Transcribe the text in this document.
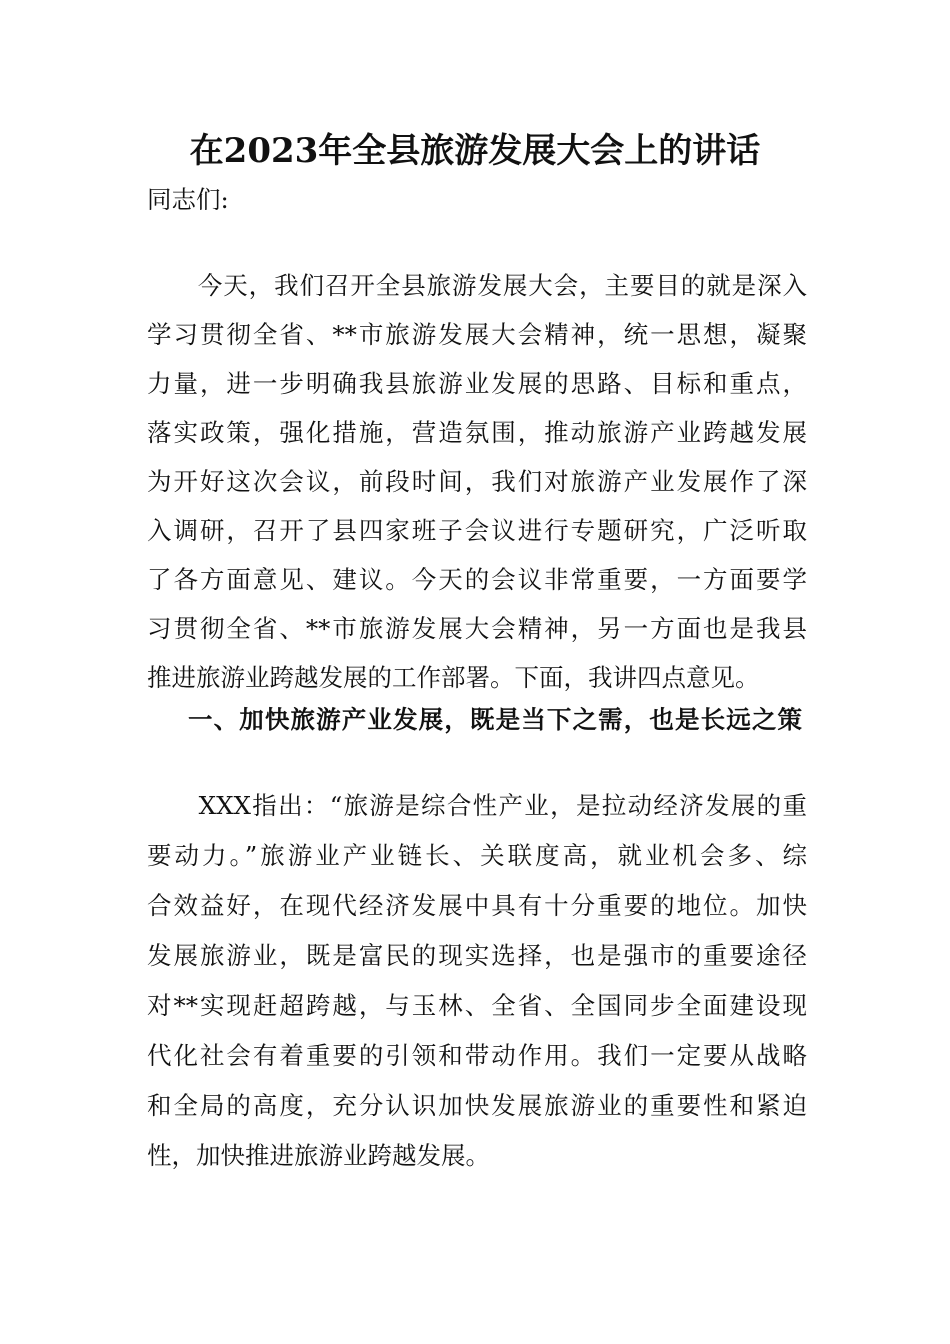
在2023年全县旅游发展大会上的讲话
同志们:
　　今天，我们召开全县旅游发展大会，主要目的就是深入
学习贯彻全省、**市旅游发展大会精神，统一思想，凝聚
力量，进一步明确我县旅游业发展的思路、目标和重点，
落实政策，强化措施，营造氛围，推动旅游产业跨越发展
为开好这次会议，前段时间，我们对旅游产业发展作了深
入调研，召开了县四家班子会议进行专题研究，广泛听取
了各方面意见、建议。今天的会议非常重要，一方面要学
习贯彻全省、**市旅游发展大会精神，另一方面也是我县
推进旅游业跨越发展的工作部署。下面，我讲四点意见。
一、加快旅游产业发展，既是当下之需，也是长远之策
　　XXX指出：“旅游是综合性产业，是拉动经济发展的重
要动力。”旅游业产业链长、关联度高，就业机会多、综
合效益好，在现代经济发展中具有十分重要的地位。加快
发展旅游业，既是富民的现实选择，也是强市的重要途径
对**实现赶超跨越，与玉林、全省、全国同步全面建设现
代化社会有着重要的引领和带动作用。我们一定要从战略
和全局的高度，充分认识加快发展旅游业的重要性和紧迫
性，加快推进旅游业跨越发展。
